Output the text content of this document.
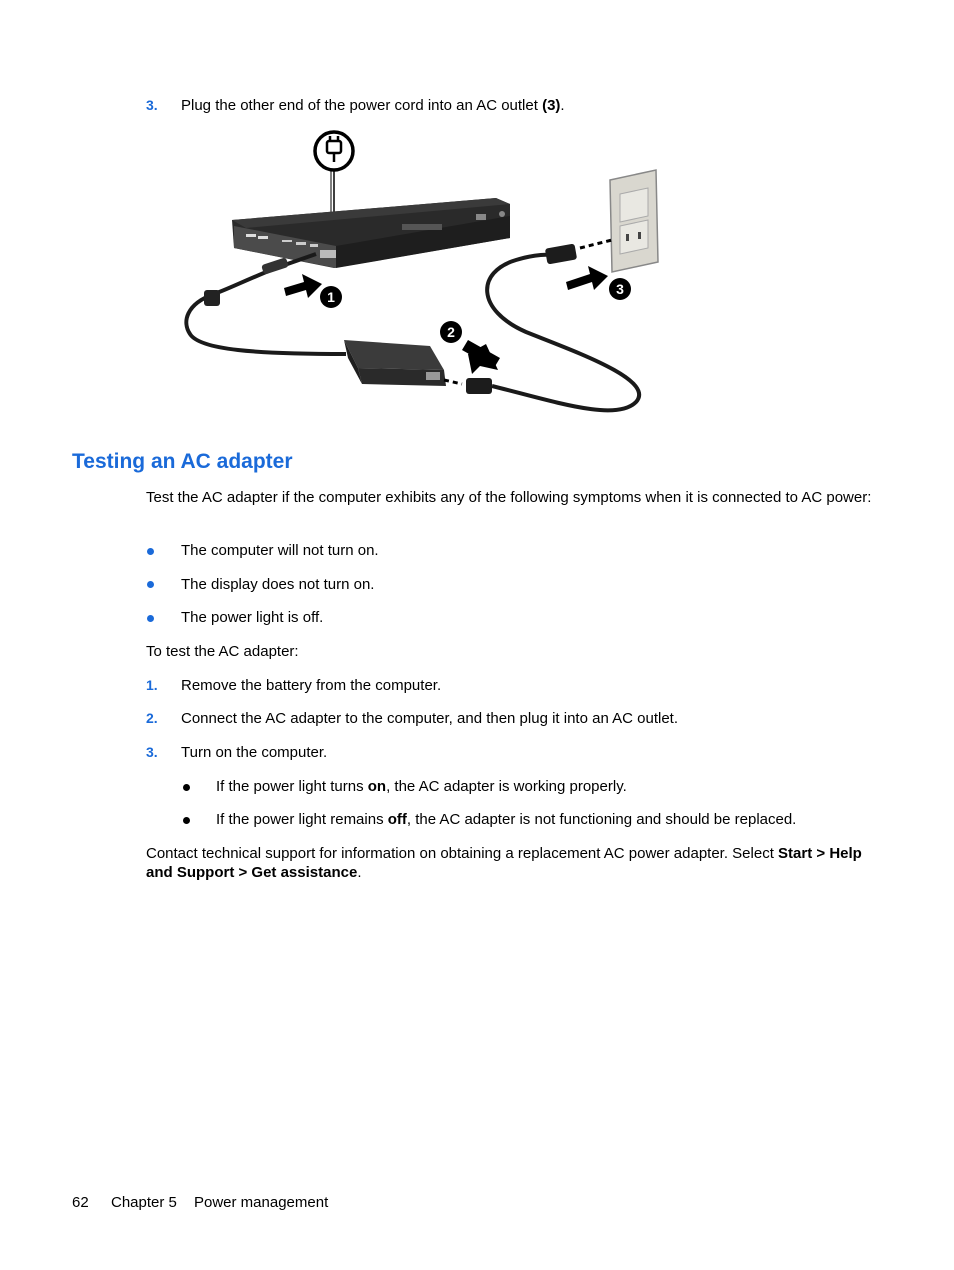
3. Plug the other end of the power cord into an AC outlet (3).
1
2
3
Testing an AC adapter

Test the AC adapter if the computer exhibits any of the following symptoms when it is connected to AC power:

The computer will not turn on.
The display does not turn on.
The power light is off.
To test the AC adapter:
1. Remove the battery from the computer.
2. Connect the AC adapter to the computer, and then plug it into an AC outlet.
3. Turn on the computer.
If the power light turns on, the AC adapter is working properly.
If the power light remains off, the AC adapter is not functioning and should be replaced.

Contact technical support for information on obtaining a replacement AC power adapter. Select Start > Help and Support > Get assistance.

62 Chapter 5 Power management
